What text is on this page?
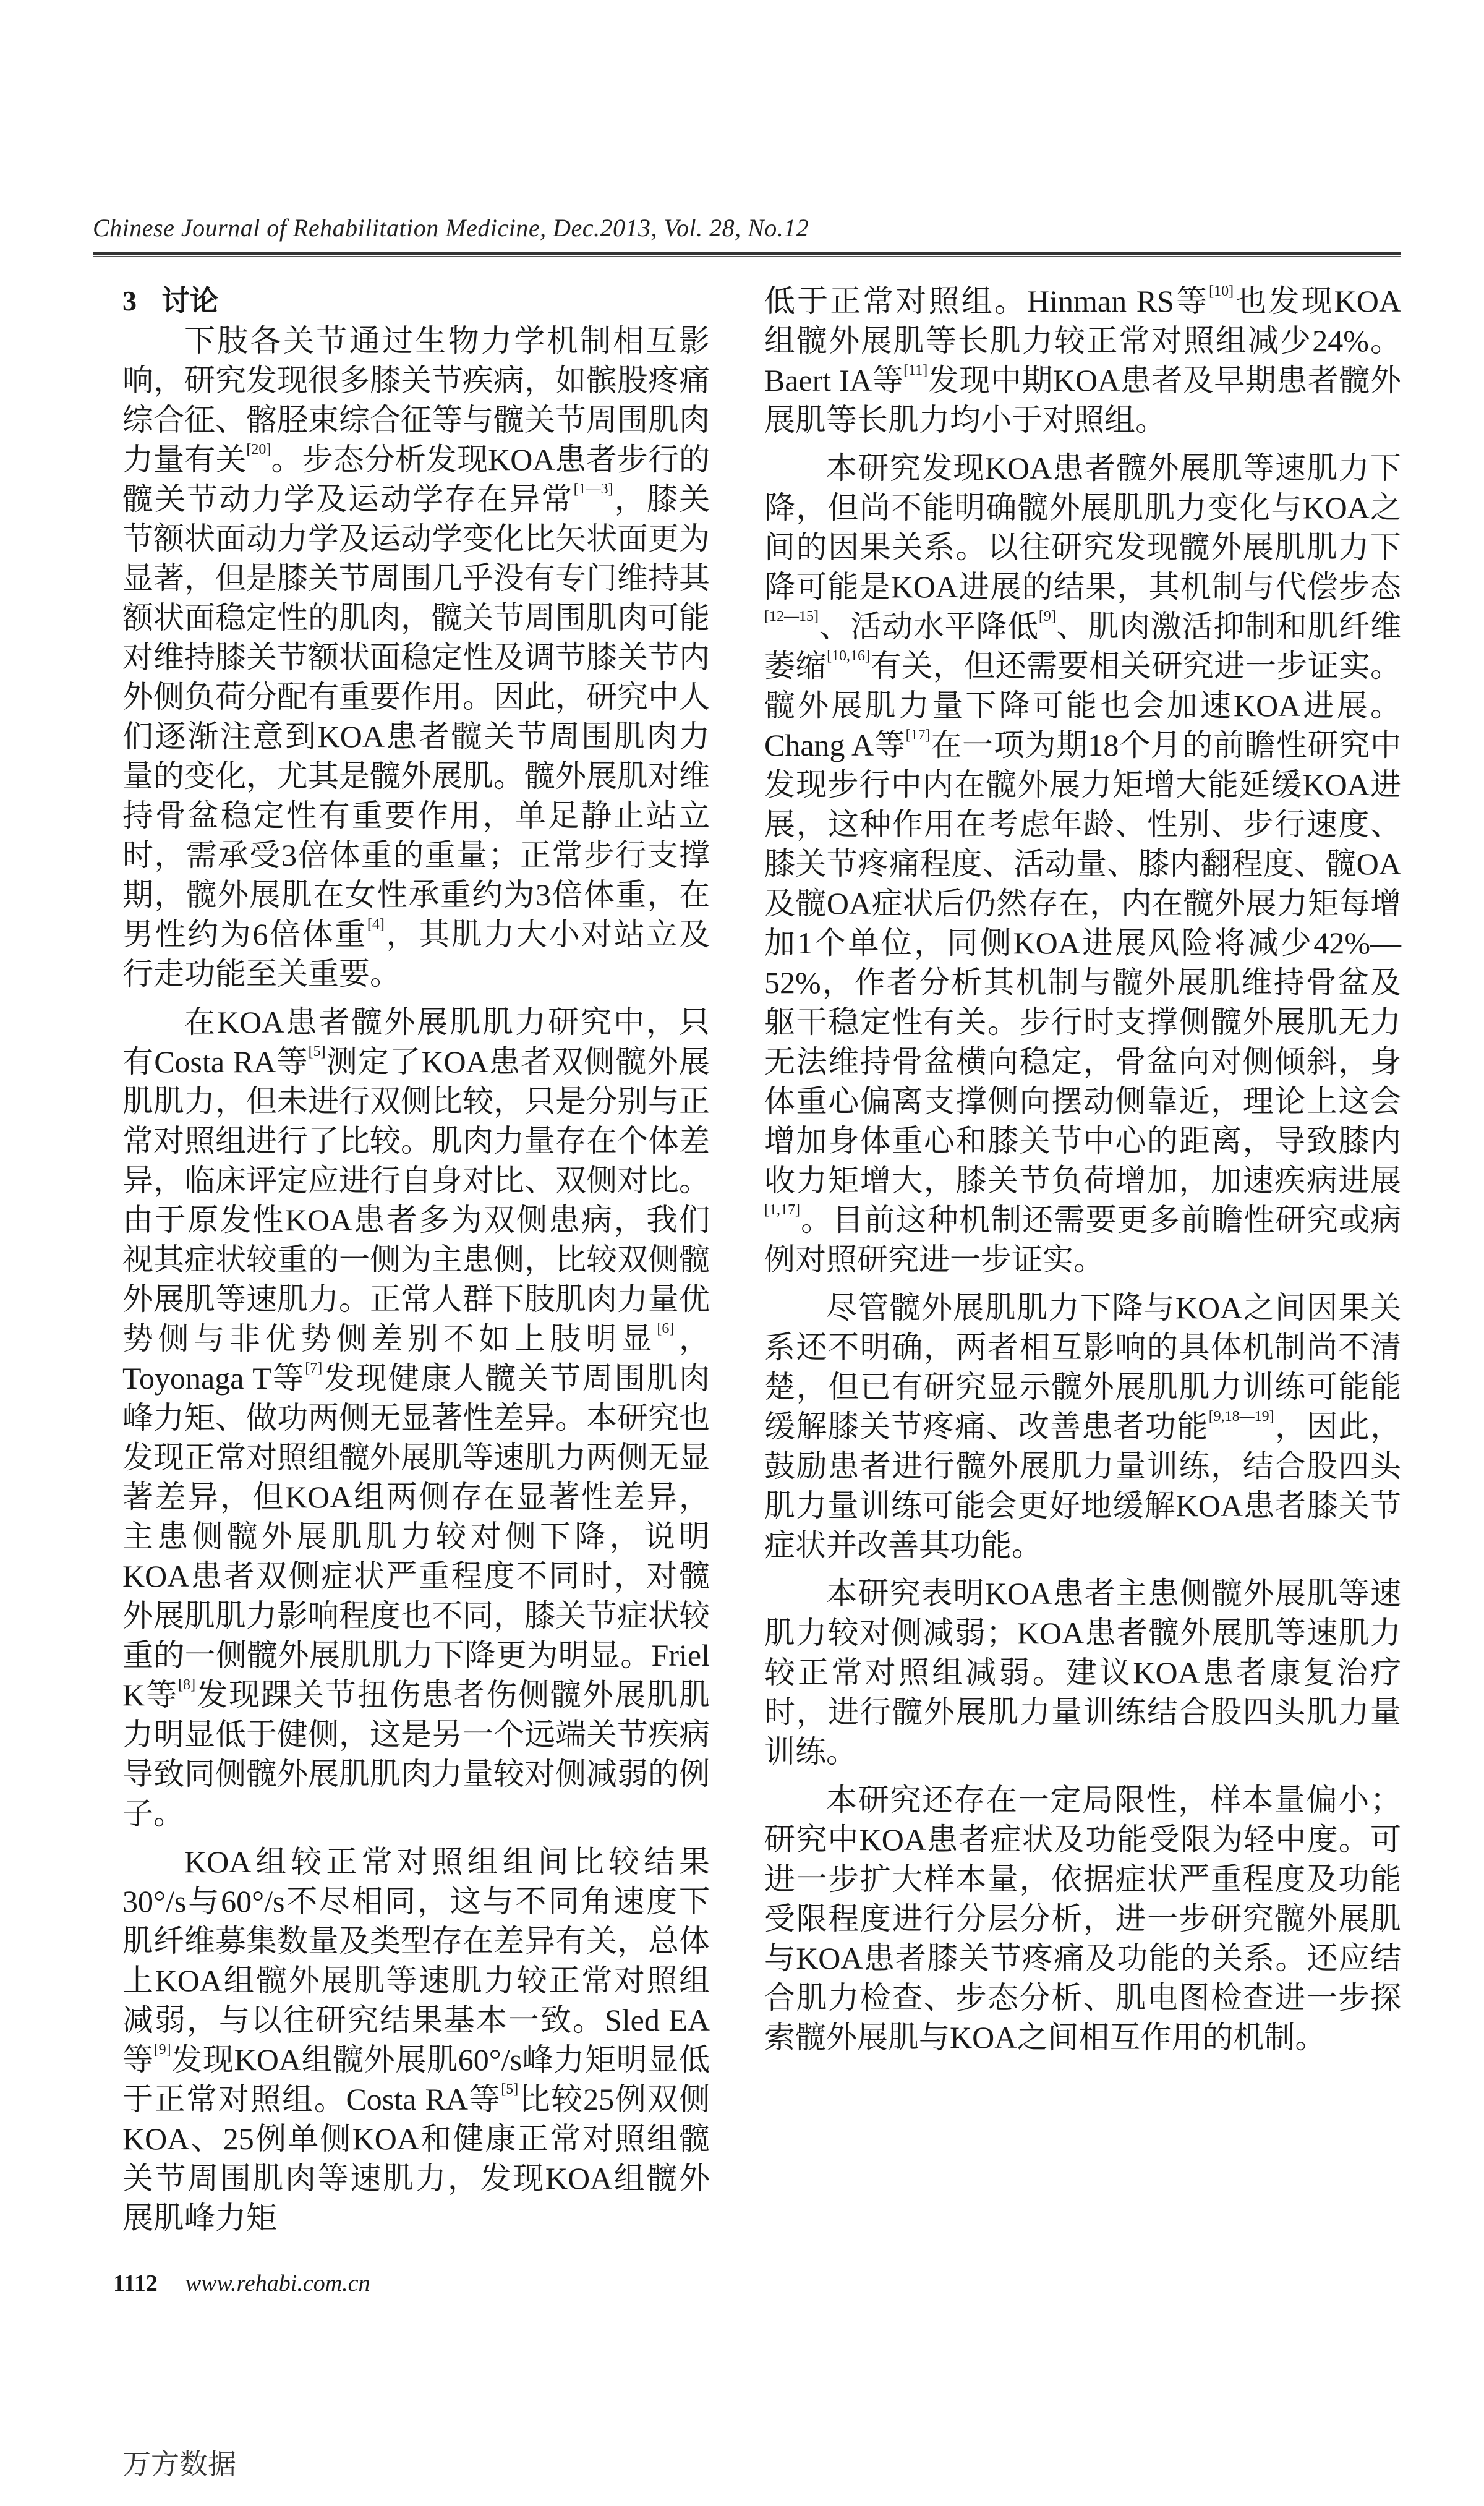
Chinese Journal of Rehabilitation Medicine, Dec.2013, Vol. 28, No.12
3 讨论

下肢各关节通过生物力学机制相互影响，研究发现很多膝关节疾病，如髌股疼痛综合征、髂胫束综合征等与髋关节周围肌肉力量有关[20]。步态分析发现KOA患者步行的髋关节动力学及运动学存在异常[1—3]，膝关节额状面动力学及运动学变化比矢状面更为显著，但是膝关节周围几乎没有专门维持其额状面稳定性的肌肉，髋关节周围肌肉可能对维持膝关节额状面稳定性及调节膝关节内外侧负荷分配有重要作用。因此，研究中人们逐渐注意到KOA患者髋关节周围肌肉力量的变化，尤其是髋外展肌。髋外展肌对维持骨盆稳定性有重要作用，单足静止站立时，需承受3倍体重的重量；正常步行支撑期，髋外展肌在女性承重约为3倍体重，在男性约为6倍体重[4]，其肌力大小对站立及行走功能至关重要。

在KOA患者髋外展肌肌力研究中，只有Costa RA等[5]测定了KOA患者双侧髋外展肌肌力，但未进行双侧比较，只是分别与正常对照组进行了比较。肌肉力量存在个体差异，临床评定应进行自身对比、双侧对比。由于原发性KOA患者多为双侧患病，我们视其症状较重的一侧为主患侧，比较双侧髋外展肌等速肌力。正常人群下肢肌肉力量优势侧与非优势侧差别不如上肢明显[6]，Toyonaga T等[7]发现健康人髋关节周围肌肉峰力矩、做功两侧无显著性差异。本研究也发现正常对照组髋外展肌等速肌力两侧无显著差异，但KOA组两侧存在显著性差异，主患侧髋外展肌肌力较对侧下降，说明KOA患者双侧症状严重程度不同时，对髋外展肌肌力影响程度也不同，膝关节症状较重的一侧髋外展肌肌力下降更为明显。Friel K等[8]发现踝关节扭伤患者伤侧髋外展肌肌力明显低于健侧，这是另一个远端关节疾病导致同侧髋外展肌肌肉力量较对侧减弱的例子。

KOA组较正常对照组组间比较结果30°/s与60°/s不尽相同，这与不同角速度下肌纤维募集数量及类型存在差异有关，总体上KOA组髋外展肌等速肌力较正常对照组减弱，与以往研究结果基本一致。Sled EA等[9]发现KOA组髋外展肌60°/s峰力矩明显低于正常对照组。Costa RA等[5]比较25例双侧KOA、25例单侧KOA和健康正常对照组髋关节周围肌肉等速肌力，发现KOA组髋外展肌峰力矩

1112 www.rehabi.com.cn
万方数据

低于正常对照组。Hinman RS等[10]也发现KOA组髋外展肌等长肌力较正常对照组减少24%。Baert IA等[11]发现中期KOA患者及早期患者髋外展肌等长肌力均小于对照组。

本研究发现KOA患者髋外展肌等速肌力下降，但尚不能明确髋外展肌肌力变化与KOA之间的因果关系。以往研究发现髋外展肌肌力下降可能是KOA进展的结果，其机制与代偿步态[12—15]、活动水平降低[9]、肌肉激活抑制和肌纤维萎缩[10,16]有关，但还需要相关研究进一步证实。髋外展肌力量下降可能也会加速KOA进展。Chang A等[17]在一项为期18个月的前瞻性研究中发现步行中内在髋外展力矩增大能延缓KOA进展，这种作用在考虑年龄、性别、步行速度、膝关节疼痛程度、活动量、膝内翻程度、髋OA及髋OA症状后仍然存在，内在髋外展力矩每增加1个单位，同侧KOA进展风险将减少42%—52%，作者分析其机制与髋外展肌维持骨盆及躯干稳定性有关。步行时支撑侧髋外展肌无力无法维持骨盆横向稳定，骨盆向对侧倾斜，身体重心偏离支撑侧向摆动侧靠近，理论上这会增加身体重心和膝关节中心的距离，导致膝内收力矩增大，膝关节负荷增加，加速疾病进展[1,17]。目前这种机制还需要更多前瞻性研究或病例对照研究进一步证实。

尽管髋外展肌肌力下降与KOA之间因果关系还不明确，两者相互影响的具体机制尚不清楚，但已有研究显示髋外展肌肌力训练可能能缓解膝关节疼痛、改善患者功能[9,18—19]，因此，鼓励患者进行髋外展肌力量训练，结合股四头肌力量训练可能会更好地缓解KOA患者膝关节症状并改善其功能。

本研究表明KOA患者主患侧髋外展肌等速肌力较对侧减弱；KOA患者髋外展肌等速肌力较正常对照组减弱。建议KOA患者康复治疗时，进行髋外展肌力量训练结合股四头肌力量训练。

本研究还存在一定局限性，样本量偏小；研究中KOA患者症状及功能受限为轻中度。可进一步扩大样本量，依据症状严重程度及功能受限程度进行分层分析，进一步研究髋外展肌与KOA患者膝关节疼痛及功能的关系。还应结合肌力检查、步态分析、肌电图检查进一步探索髋外展肌与KOA之间相互作用的机制。
